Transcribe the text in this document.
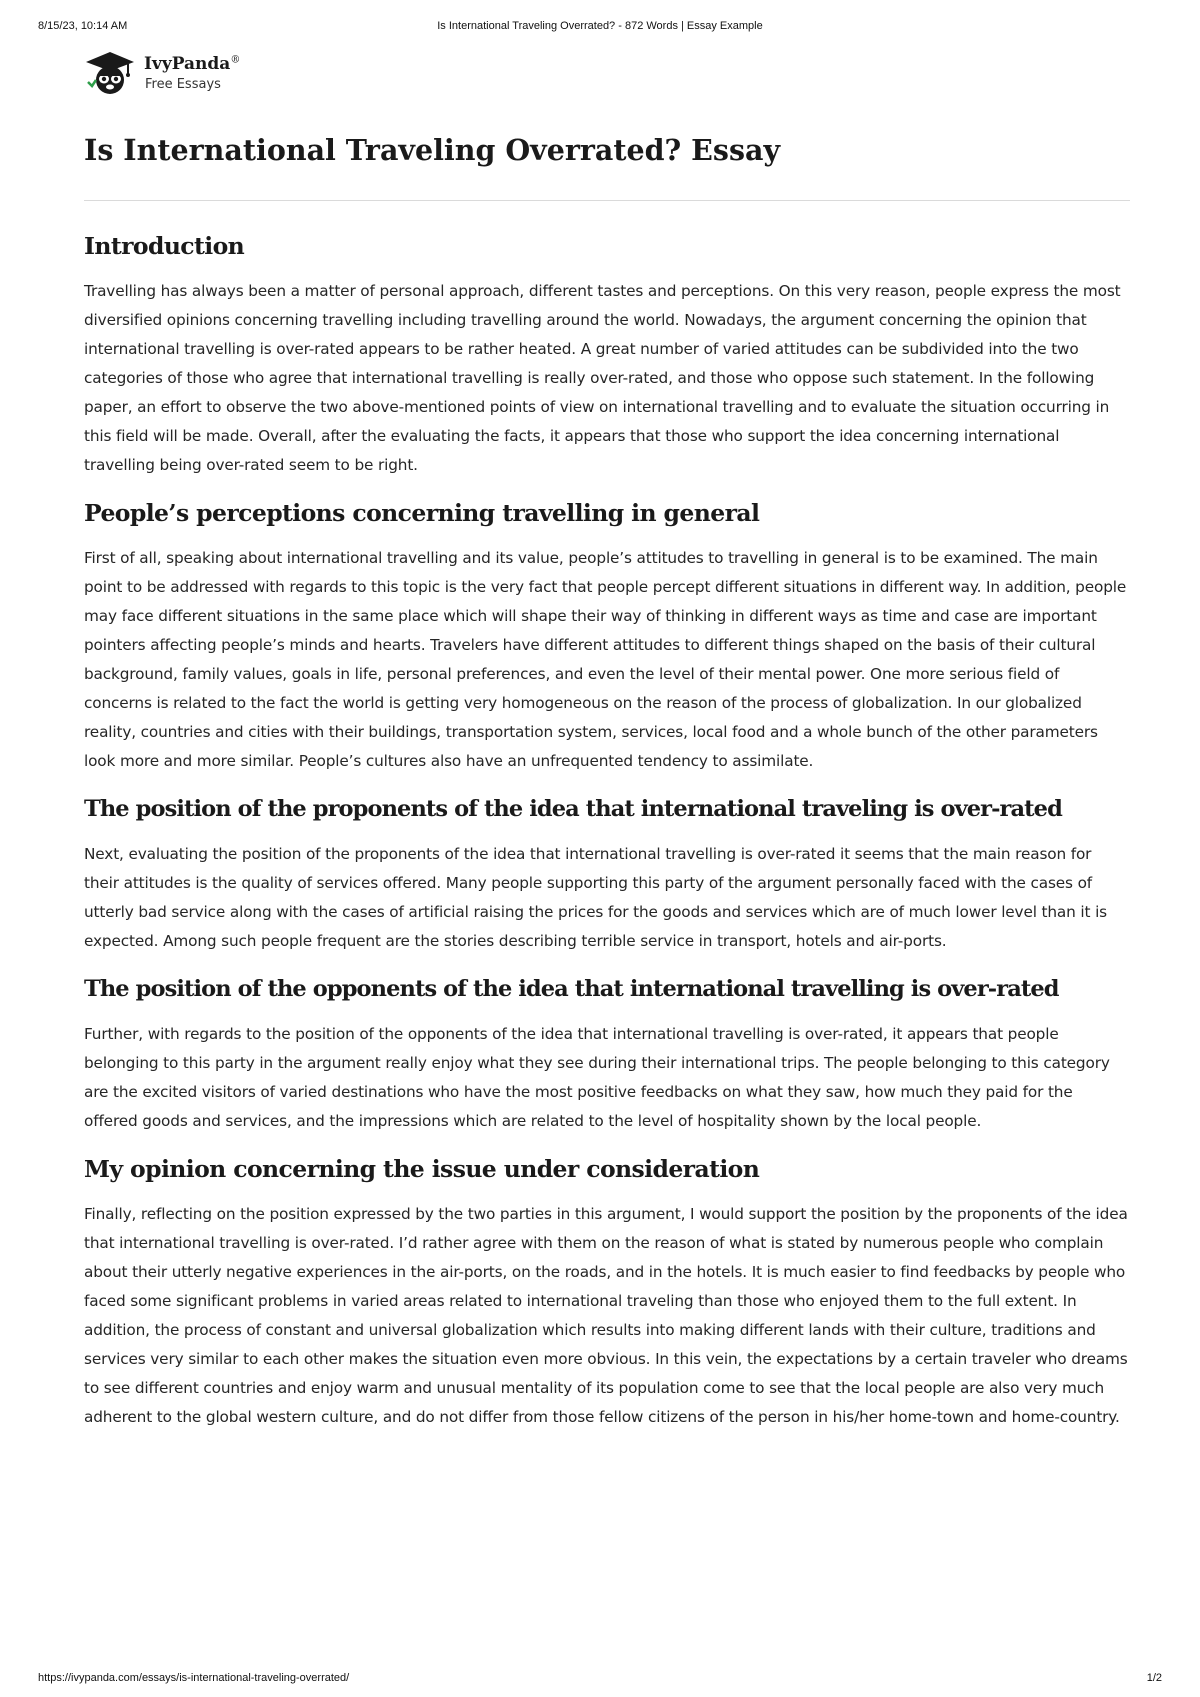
8/15/23, 10:14 AM	Is International Traveling Overrated? - 872 Words | Essay Example
IvyPanda®
Free Essays
Is International Traveling Overrated? Essay
Introduction

Travelling has always been a matter of personal approach, different tastes and perceptions. On this very reason, people express the most diversified opinions concerning travelling including travelling around the world. Nowadays, the argument concerning the opinion that international travelling is over-rated appears to be rather heated. A great number of varied attitudes can be subdivided into the two categories of those who agree that international travelling is really over-rated, and those who oppose such statement. In the following paper, an effort to observe the two above-mentioned points of view on international travelling and to evaluate the situation occurring in this field will be made. Overall, after the evaluating the facts, it appears that those who support the idea concerning international travelling being over-rated seem to be right.

People’s perceptions concerning travelling in general

First of all, speaking about international travelling and its value, people’s attitudes to travelling in general is to be examined. The main point to be addressed with regards to this topic is the very fact that people percept different situations in different way. In addition, people may face different situations in the same place which will shape their way of thinking in different ways as time and case are important pointers affecting people’s minds and hearts. Travelers have different attitudes to different things shaped on the basis of their cultural background, family values, goals in life, personal preferences, and even the level of their mental power. One more serious field of concerns is related to the fact the world is getting very homogeneous on the reason of the process of globalization. In our globalized reality, countries and cities with their buildings, transportation system, services, local food and a whole bunch of the other parameters look more and more similar. People’s cultures also have an unfrequented tendency to assimilate.

The position of the proponents of the idea that international traveling is over-rated

Next, evaluating the position of the proponents of the idea that international travelling is over-rated it seems that the main reason for their attitudes is the quality of services offered. Many people supporting this party of the argument personally faced with the cases of utterly bad service along with the cases of artificial raising the prices for the goods and services which are of much lower level than it is expected. Among such people frequent are the stories describing terrible service in transport, hotels and air-ports.

The position of the opponents of the idea that international travelling is over-rated

Further, with regards to the position of the opponents of the idea that international travelling is over-rated, it appears that people belonging to this party in the argument really enjoy what they see during their international trips. The people belonging to this category are the excited visitors of varied destinations who have the most positive feedbacks on what they saw, how much they paid for the offered goods and services, and the impressions which are related to the level of hospitality shown by the local people.

My opinion concerning the issue under consideration

Finally, reflecting on the position expressed by the two parties in this argument, I would support the position by the proponents of the idea that international travelling is over-rated. I’d rather agree with them on the reason of what is stated by numerous people who complain about their utterly negative experiences in the air-ports, on the roads, and in the hotels. It is much easier to find feedbacks by people who faced some significant problems in varied areas related to international traveling than those who enjoyed them to the full extent. In addition, the process of constant and universal globalization which results into making different lands with their culture, traditions and services very similar to each other makes the situation even more obvious. In this vein, the expectations by a certain traveler who dreams to see different countries and enjoy warm and unusual mentality of its population come to see that the local people are also very much adherent to the global western culture, and do not differ from those fellow citizens of the person in his/her home-town and home-country.

https://ivypanda.com/essays/is-international-traveling-overrated/	1/2
